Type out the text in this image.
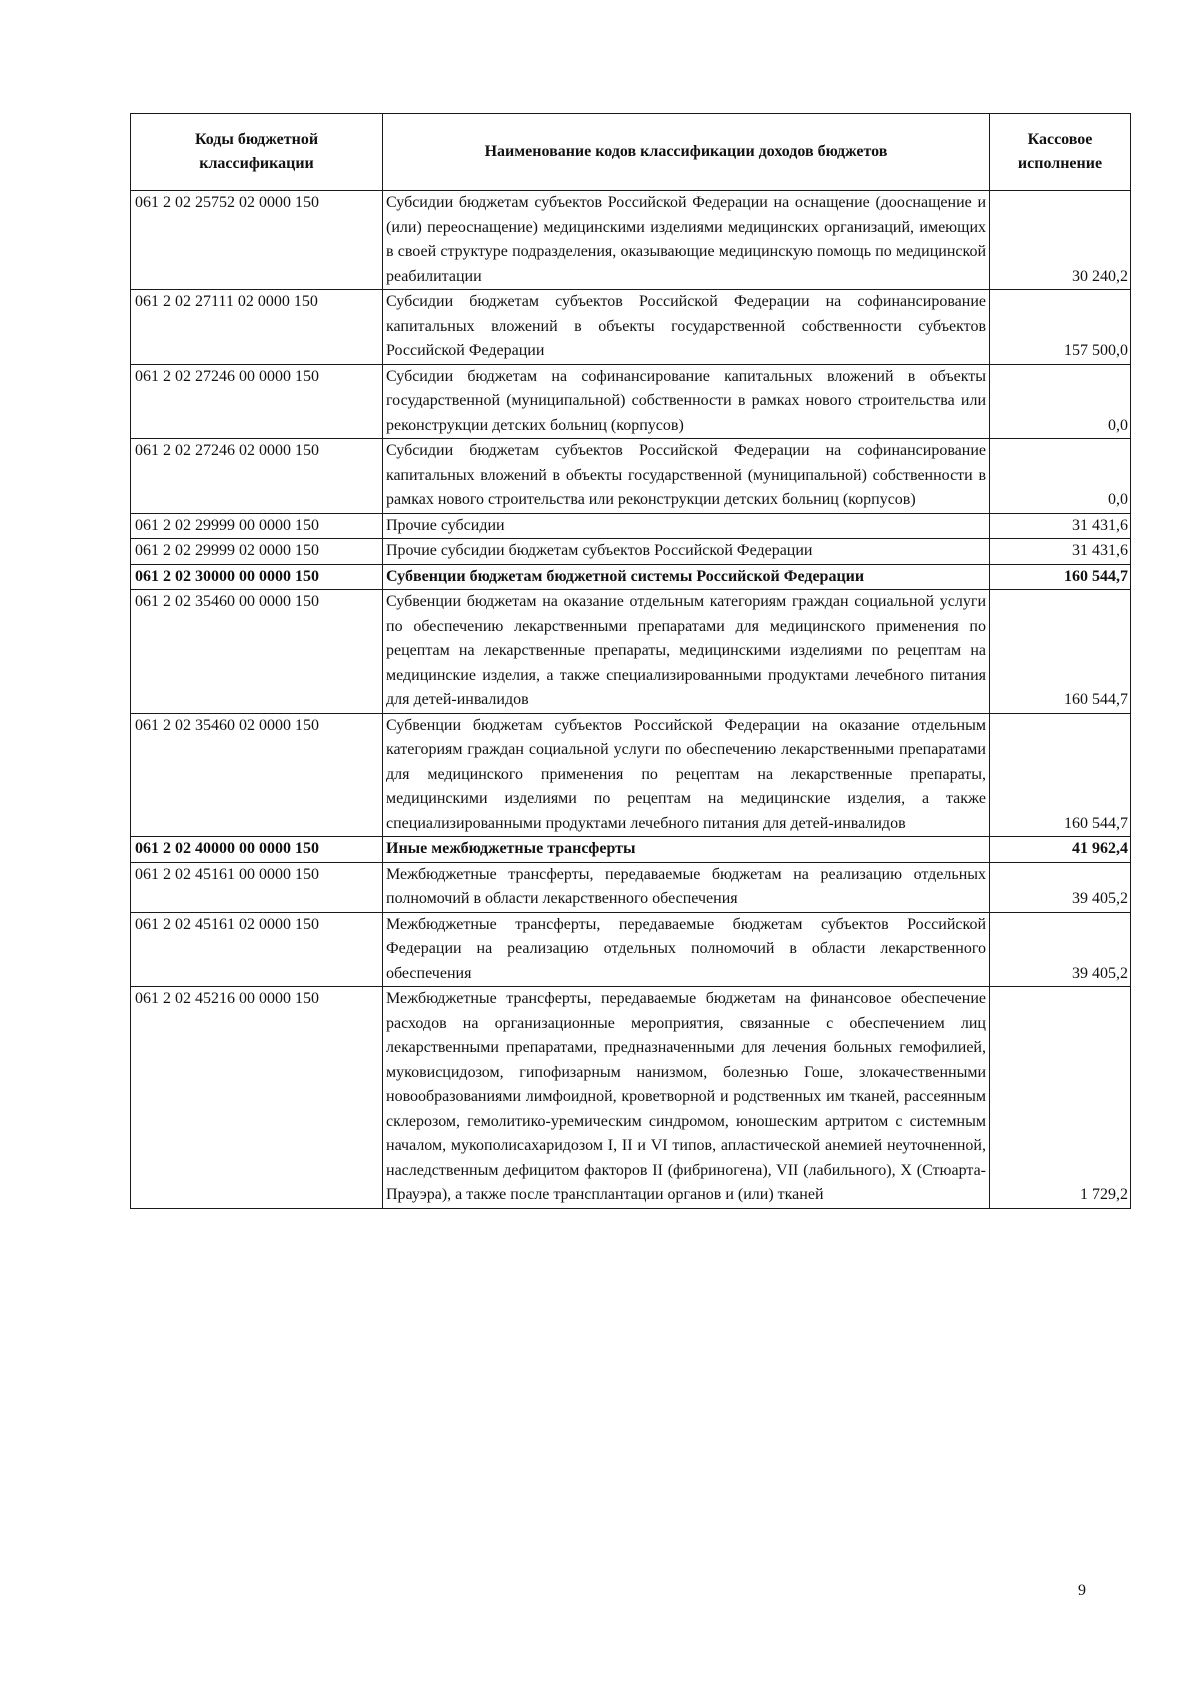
Коды бюджетной классификации	Наименование кодов классификации доходов бюджетов	Кассовое исполнение
061 2 02 25752 02 0000 150	Субсидии бюджетам субъектов Российской Федерации на оснащение (дооснащение и (или) переоснащение) медицинскими изделиями медицинских организаций, имеющих в своей структуре подразделения, оказывающие медицинскую помощь по медицинской реабилитации	30 240,2
061 2 02 27111 02 0000 150	Субсидии бюджетам субъектов Российской Федерации на софинансирование капитальных вложений в объекты государственной собственности субъектов Российской Федерации	157 500,0
061 2 02 27246 00 0000 150	Субсидии бюджетам на софинансирование капитальных вложений в объекты государственной (муниципальной) собственности в рамках нового строительства или реконструкции детских больниц (корпусов)	0,0
061 2 02 27246 02 0000 150	Субсидии бюджетам субъектов Российской Федерации на софинансирование капитальных вложений в объекты государственной (муниципальной) собственности в рамках нового строительства или реконструкции детских больниц (корпусов)	0,0
061 2 02 29999 00 0000 150	Прочие субсидии	31 431,6
061 2 02 29999 02 0000 150	Прочие субсидии бюджетам субъектов Российской Федерации	31 431,6
061 2 02 30000 00 0000 150	Субвенции бюджетам бюджетной системы Российской Федерации	160 544,7
061 2 02 35460 00 0000 150	Субвенции бюджетам на оказание отдельным категориям граждан социальной услуги по обеспечению лекарственными препаратами для медицинского применения по рецептам на лекарственные препараты, медицинскими изделиями по рецептам на медицинские изделия, а также специализированными продуктами лечебного питания для детей-инвалидов	160 544,7
061 2 02 35460 02 0000 150	Субвенции бюджетам субъектов Российской Федерации на оказание отдельным категориям граждан социальной услуги по обеспечению лекарственными препаратами для медицинского применения по рецептам на лекарственные препараты, медицинскими изделиями по рецептам на медицинские изделия, а также специализированными продуктами лечебного питания для детей-инвалидов	160 544,7
061 2 02 40000 00 0000 150	Иные межбюджетные трансферты	41 962,4
061 2 02 45161 00 0000 150	Межбюджетные трансферты, передаваемые бюджетам на реализацию отдельных полномочий в области лекарственного обеспечения	39 405,2
061 2 02 45161 02 0000 150	Межбюджетные трансферты, передаваемые бюджетам субъектов Российской Федерации на реализацию отдельных полномочий в области лекарственного обеспечения	39 405,2
061 2 02 45216 00 0000 150	Межбюджетные трансферты, передаваемые бюджетам на финансовое обеспечение расходов на организационные мероприятия, связанные с обеспечением лиц лекарственными препаратами, предназначенными для лечения больных гемофилией, муковисцидозом, гипофизарным нанизмом, болезнью Гоше, злокачественными новообразованиями лимфоидной, кроветворной и родственных им тканей, рассеянным склерозом, гемолитико-уремическим синдромом, юношеским артритом с системным началом, мукополисахаридозом I, II и VI типов, апластической анемией неуточненной, наследственным дефицитом факторов II (фибриногена), VII (лабильного), X (Стюарта-Прауэра), а также после трансплантации органов и (или) тканей	1 729,2
9
